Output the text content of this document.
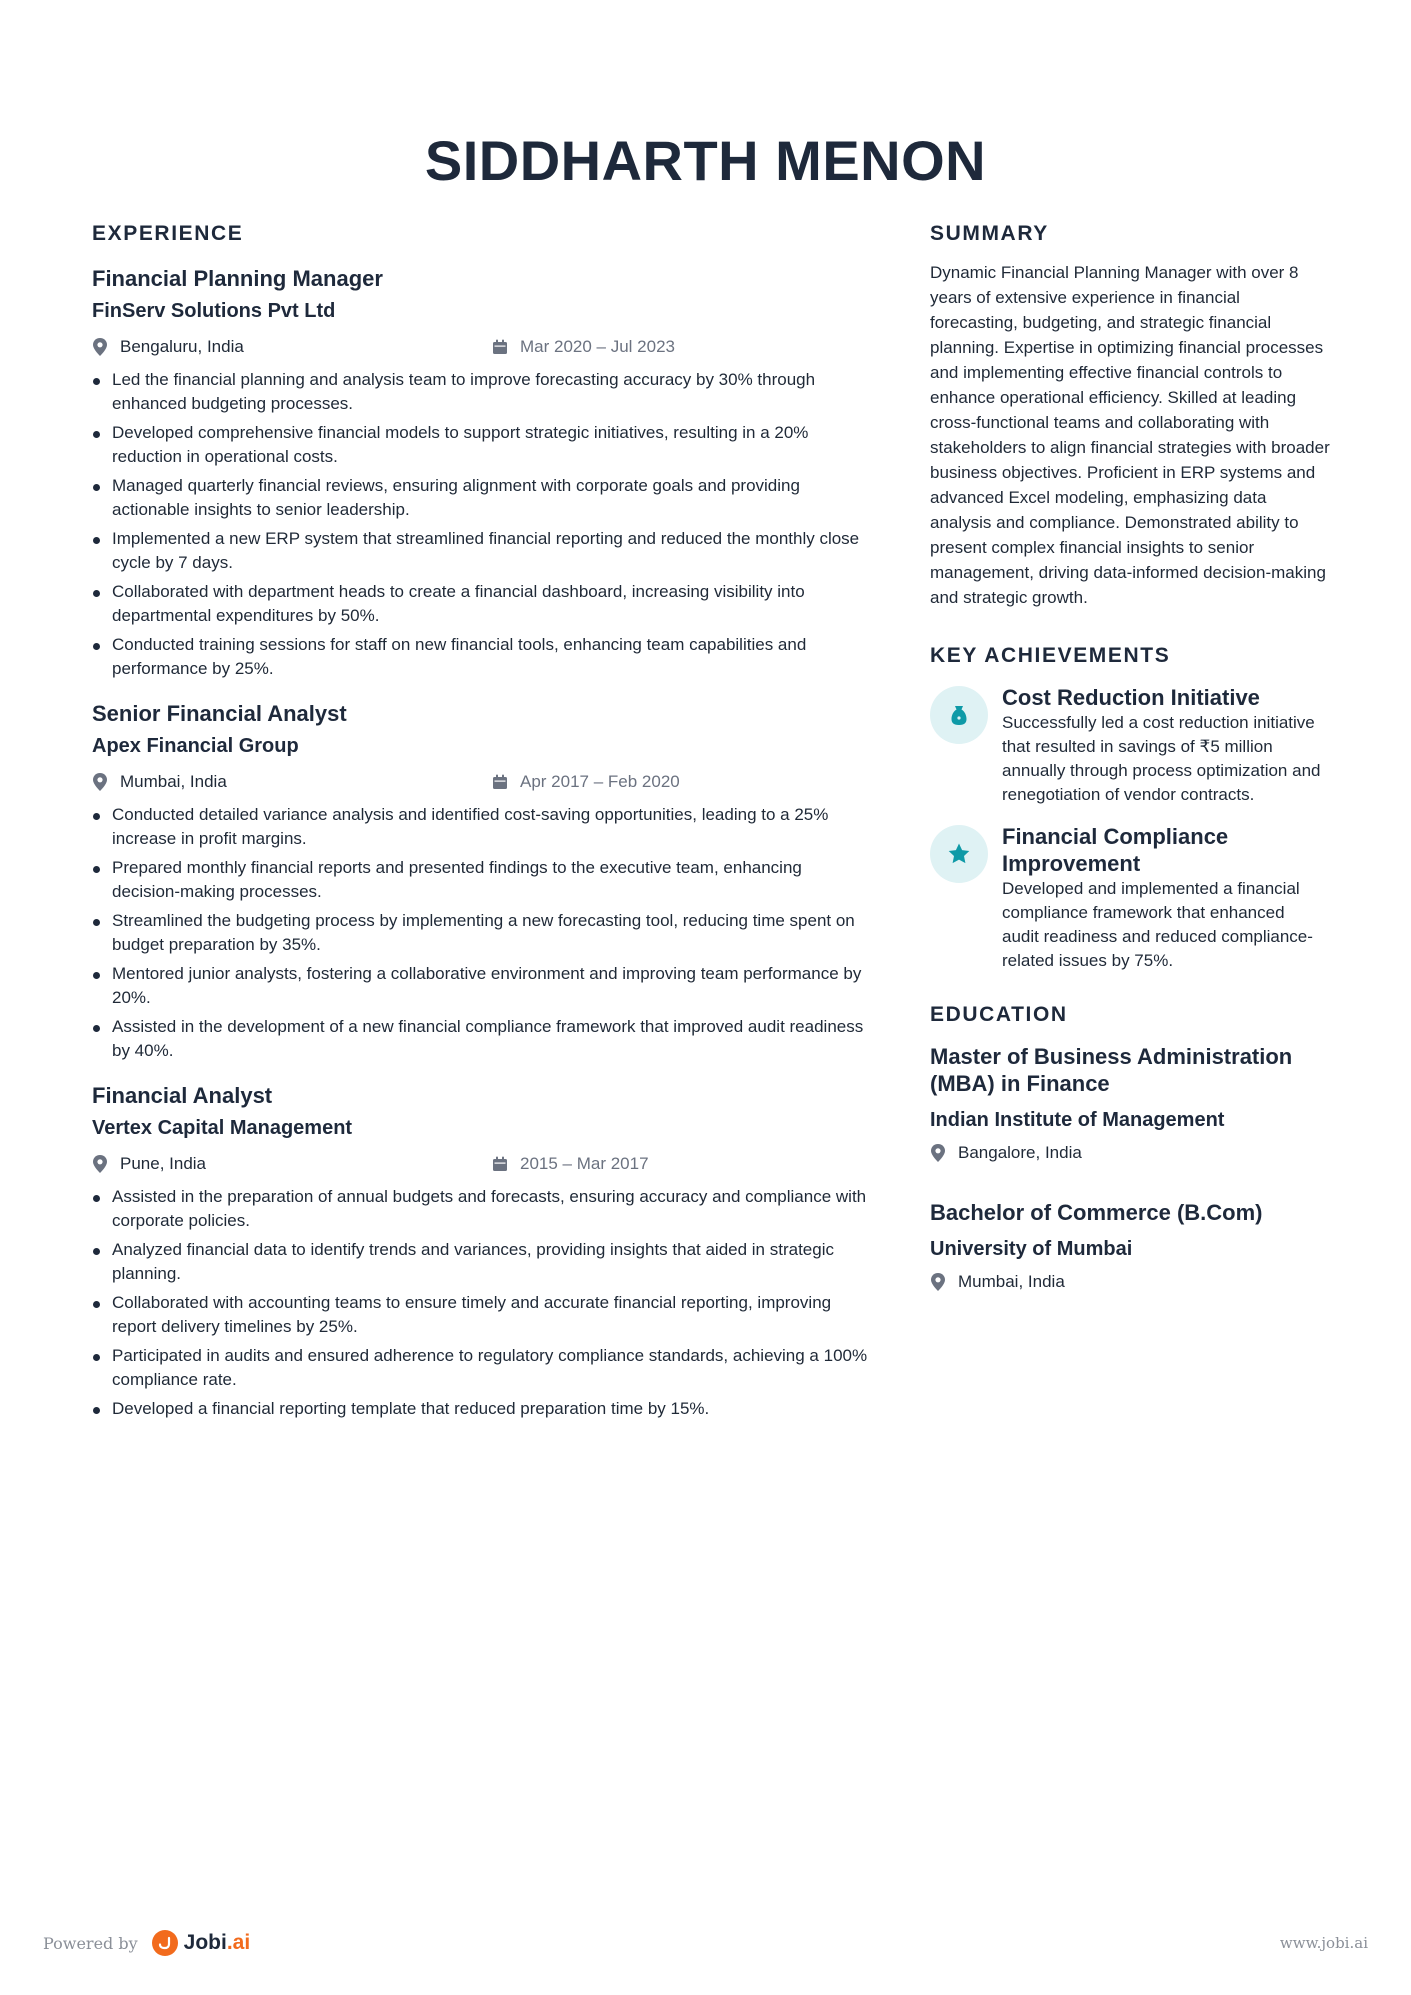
SIDDHARTH MENON
EXPERIENCE
Financial Planning Manager
FinServ Solutions Pvt Ltd
Bengaluru, India	Mar 2020 – Jul 2023
Led the financial planning and analysis team to improve forecasting accuracy by 30% through enhanced budgeting processes.
Developed comprehensive financial models to support strategic initiatives, resulting in a 20% reduction in operational costs.
Managed quarterly financial reviews, ensuring alignment with corporate goals and providing actionable insights to senior leadership.
Implemented a new ERP system that streamlined financial reporting and reduced the monthly close cycle by 7 days.
Collaborated with department heads to create a financial dashboard, increasing visibility into departmental expenditures by 50%.
Conducted training sessions for staff on new financial tools, enhancing team capabilities and performance by 25%.
Senior Financial Analyst
Apex Financial Group
Mumbai, India	Apr 2017 – Feb 2020
Conducted detailed variance analysis and identified cost-saving opportunities, leading to a 25% increase in profit margins.
Prepared monthly financial reports and presented findings to the executive team, enhancing decision-making processes.
Streamlined the budgeting process by implementing a new forecasting tool, reducing time spent on budget preparation by 35%.
Mentored junior analysts, fostering a collaborative environment and improving team performance by 20%.
Assisted in the development of a new financial compliance framework that improved audit readiness by 40%.
Financial Analyst
Vertex Capital Management
Pune, India	2015 – Mar 2017
Assisted in the preparation of annual budgets and forecasts, ensuring accuracy and compliance with corporate policies.
Analyzed financial data to identify trends and variances, providing insights that aided in strategic planning.
Collaborated with accounting teams to ensure timely and accurate financial reporting, improving report delivery timelines by 25%.
Participated in audits and ensured adherence to regulatory compliance standards, achieving a 100% compliance rate.
Developed a financial reporting template that reduced preparation time by 15%.
SUMMARY

Dynamic Financial Planning Manager with over 8 years of extensive experience in financial forecasting, budgeting, and strategic financial planning. Expertise in optimizing financial processes and implementing effective financial controls to enhance operational efficiency. Skilled at leading cross-functional teams and collaborating with stakeholders to align financial strategies with broader business objectives. Proficient in ERP systems and advanced Excel modeling, emphasizing data analysis and compliance. Demonstrated ability to present complex financial insights to senior management, driving data-informed decision-making and strategic growth.

KEY ACHIEVEMENTS
Cost Reduction Initiative
Successfully led a cost reduction initiative that resulted in savings of ₹5 million annually through process optimization and renegotiation of vendor contracts.
Financial Compliance Improvement
Developed and implemented a financial compliance framework that enhanced audit readiness and reduced compliance-related issues by 75%.
EDUCATION
Master of Business Administration (MBA) in Finance
Indian Institute of Management
Bangalore, India
Bachelor of Commerce (B.Com)
University of Mumbai
Mumbai, India
Powered by Jobi .ai	www.jobi.ai
